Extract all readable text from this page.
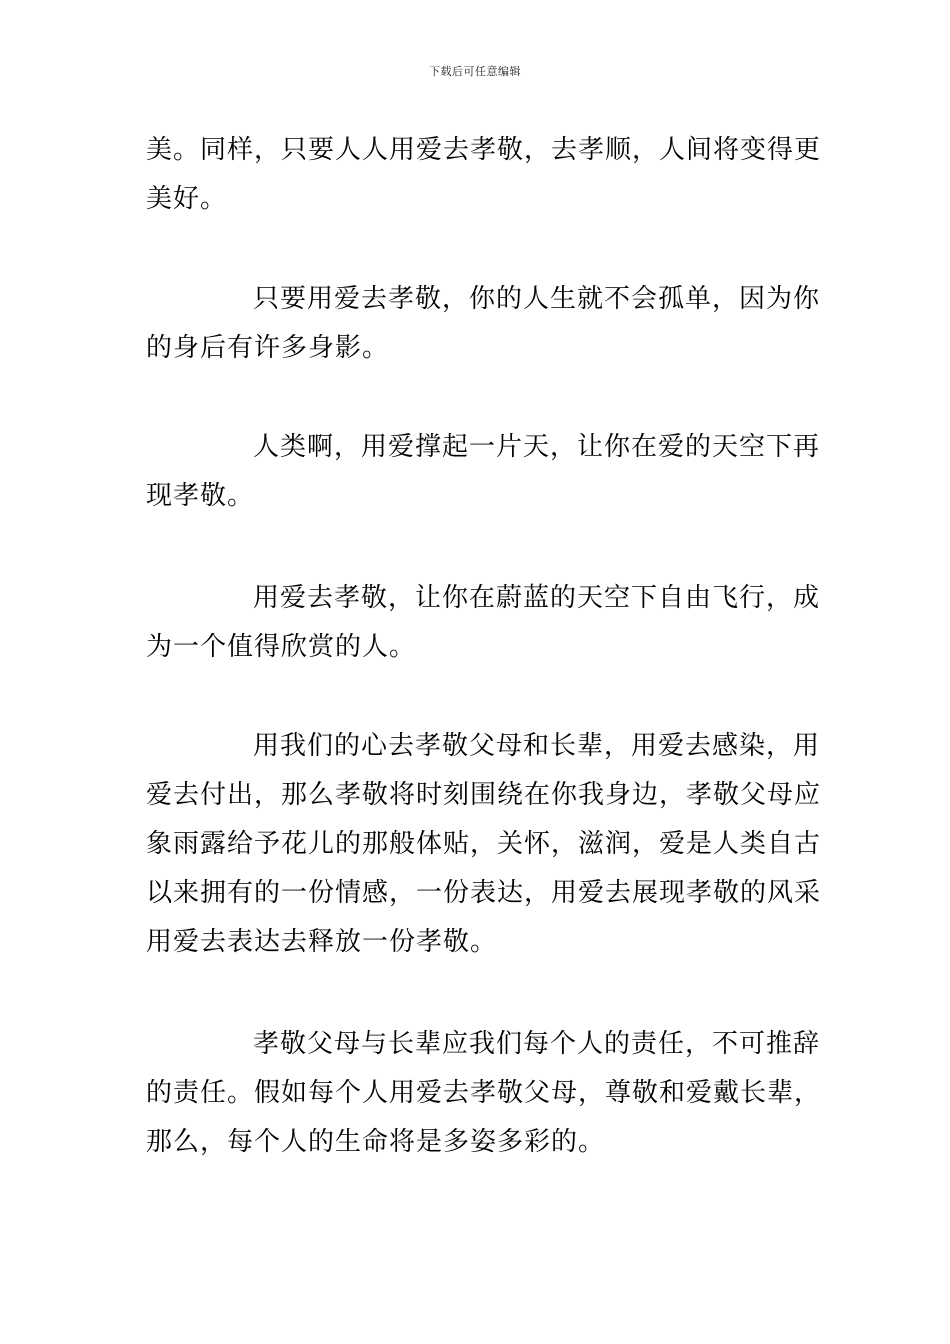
下载后可任意编辑
美。同样，只要人人用爱去孝敬，去孝顺，人间将变得更
美好。
只要用爱去孝敬，你的人生就不会孤单，因为你
的身后有许多身影。
人类啊，用爱撑起一片天，让你在爱的天空下再
现孝敬。
用爱去孝敬，让你在蔚蓝的天空下自由飞行，成
为一个值得欣赏的人。
用我们的心去孝敬父母和长辈，用爱去感染，用
爱去付出，那么孝敬将时刻围绕在你我身边，孝敬父母应
象雨露给予花儿的那般体贴，关怀，滋润，爱是人类自古
以来拥有的一份情感，一份表达，用爱去展现孝敬的风采
用爱去表达去释放一份孝敬。
孝敬父母与长辈应我们每个人的责任，不可推辞
的责任。假如每个人用爱去孝敬父母，尊敬和爱戴长辈，
那么，每个人的生命将是多姿多彩的。
